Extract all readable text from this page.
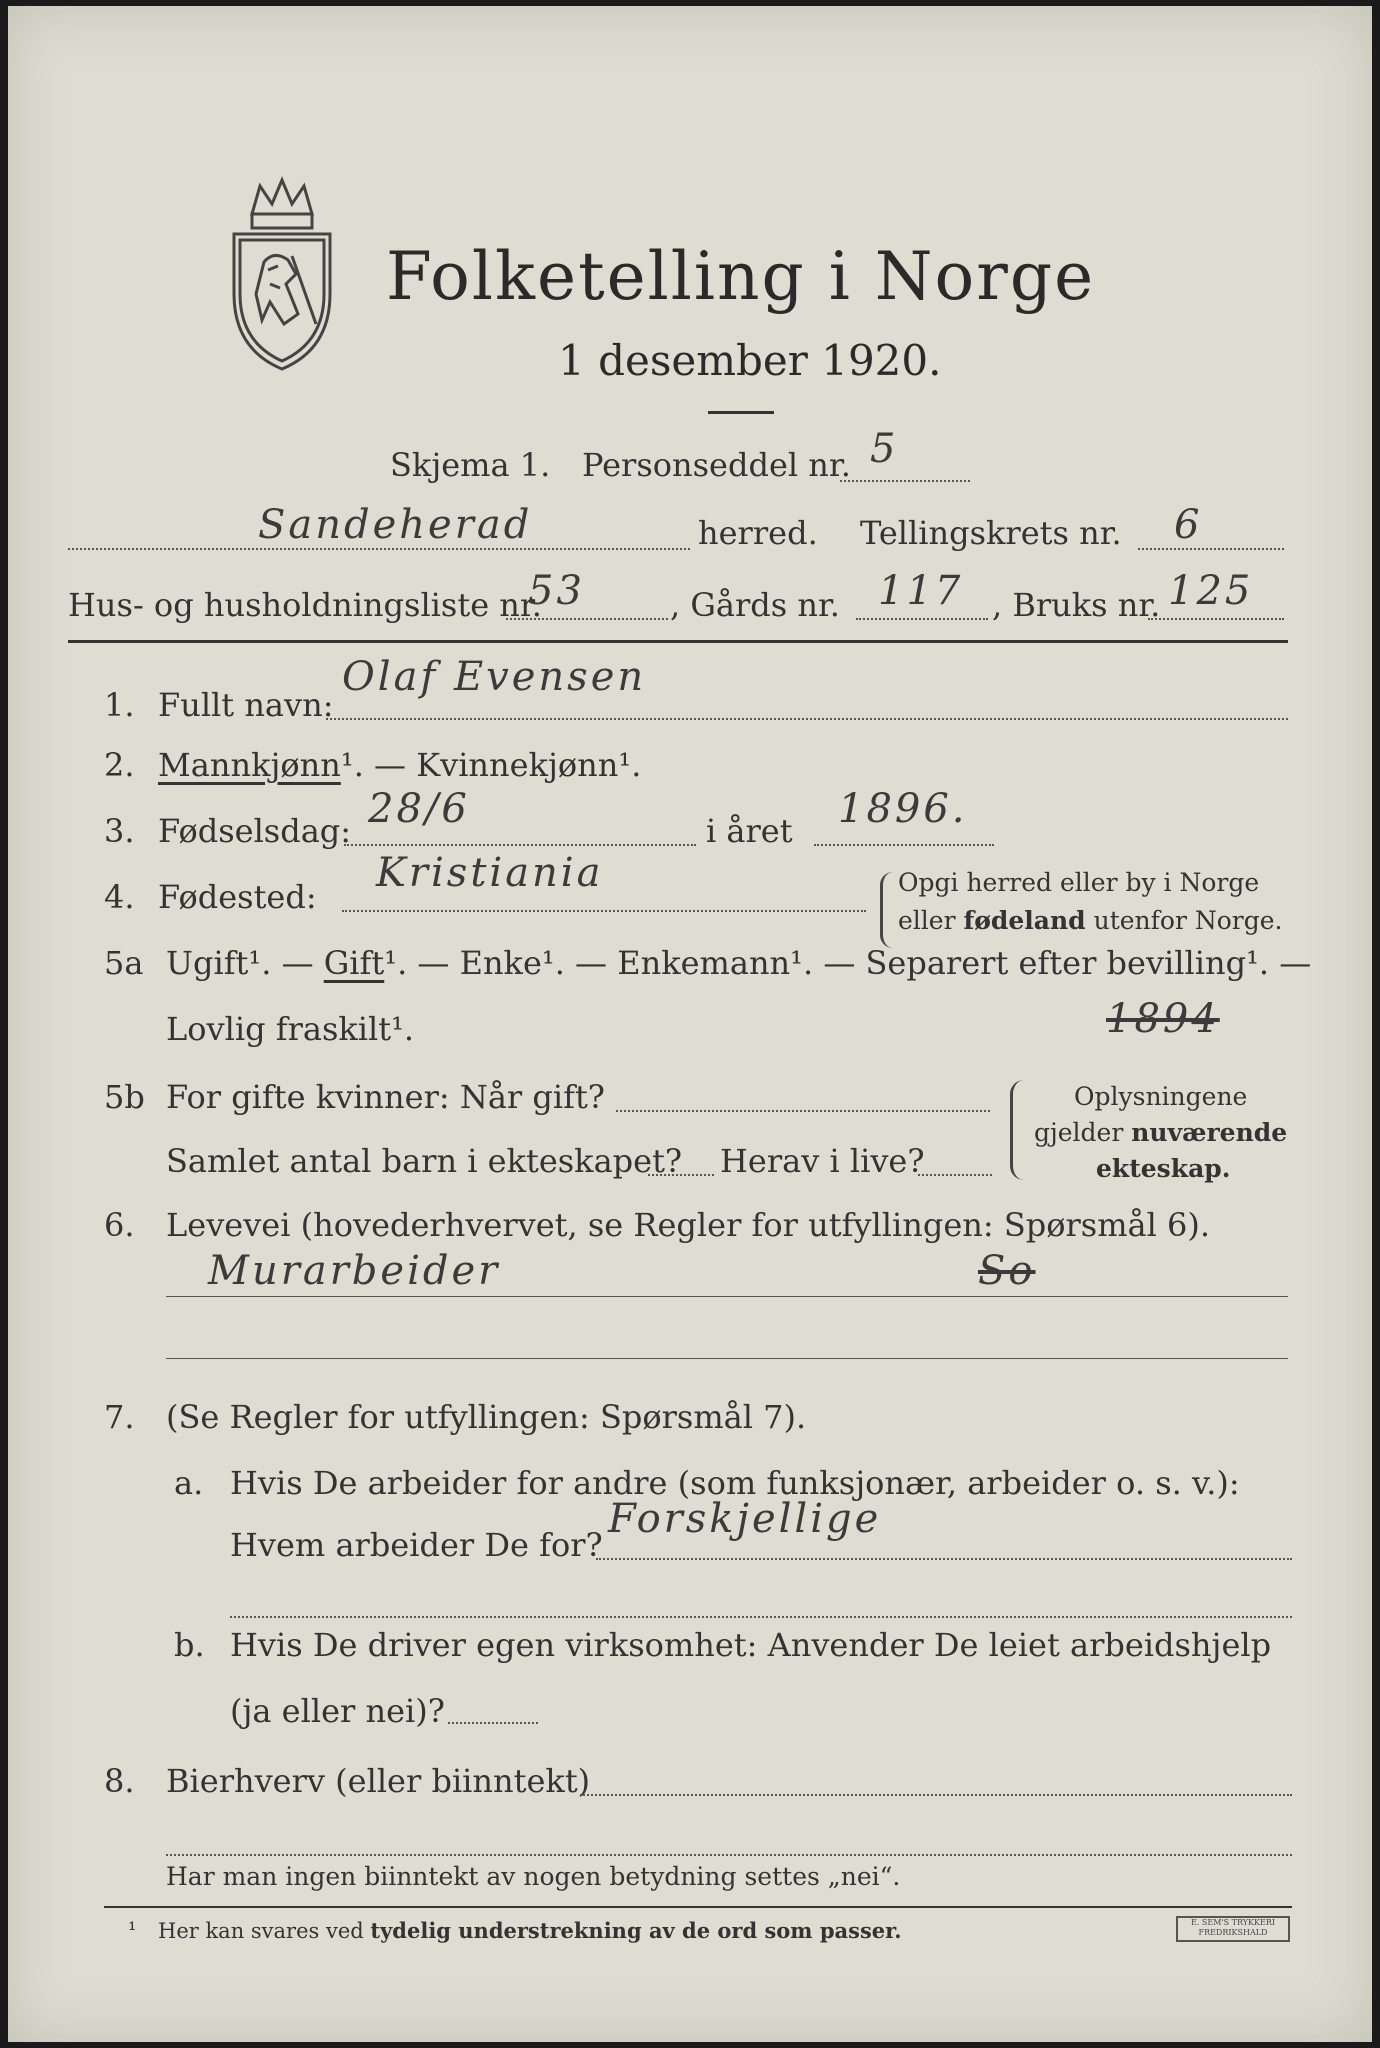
Folketelling i Norge
1 desember 1920.
Skjema 1. Personseddel nr. 5
Sandeherad	herred. Tellingskrets nr. 6
Hus- og husholdningsliste nr.
53	, Gårds nr. 117 , Bruks nr. 125
1. Fullt navn:
Olaf Evensen
2. Mannkjønn¹. — Kvinnekjønn¹.
3. Fødselsdag: 28/6	i året 1896.
4. Fødested:
Kristiania	Opgi herred eller by i Norge
eller fødeland utenfor Norge.
5a Ugift¹. — Gift¹. — Enke¹. — Enkemann¹. — Separert efter bevilling¹. —
Lovlig fraskilt¹.	1894
5b For gifte kvinner: Når gift?
Samlet antal barn i ekteskapet? Herav i live?
Oplysningene
gjelder nuværende
ekteskap.
6. Levevei (hovederhvervet, se Regler for utfyllingen: Spørsmål 6).
Murarbeider	So
7. (Se Regler for utfyllingen: Spørsmål 7).
a. Hvis De arbeider for andre (som funksjonær, arbeider o. s. v.):
Hvem arbeider De for?
Forskjellige
b. Hvis De driver egen virksomhet: Anvender De leiet arbeidshjelp
(ja eller nei)?
8. Bierhverv (eller biinntekt)
Har man ingen biinntekt av nogen betydning settes „nei“.
¹ Her kan svares ved tydelig understrekning av de ord som passer.	E. SEM'S TRYKKERI FREDRIKSHALD
